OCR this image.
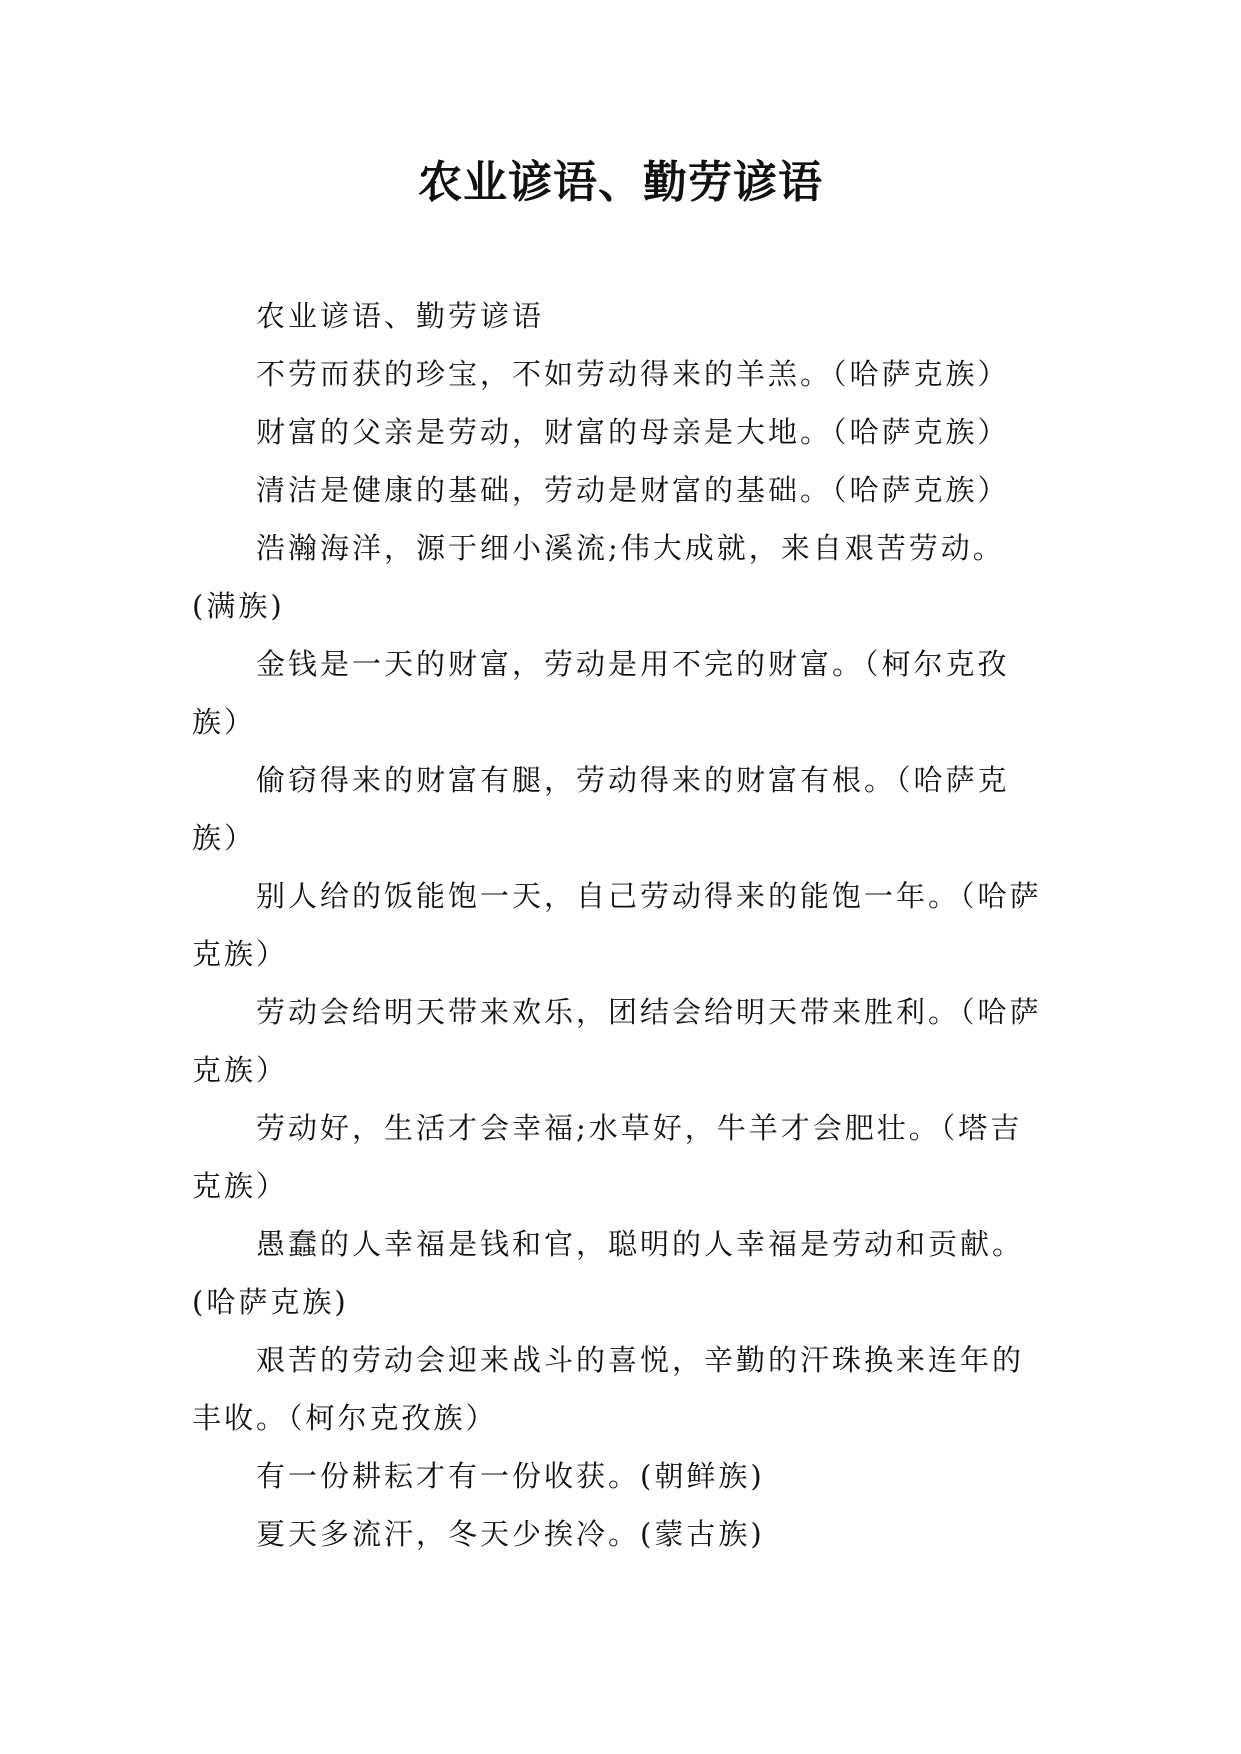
农业谚语、勤劳谚语

农业谚语、勤劳谚语

不劳而获的珍宝，不如劳动得来的羊羔。（哈萨克族）

财富的父亲是劳动，财富的母亲是大地。（哈萨克族）

清洁是健康的基础，劳动是财富的基础。（哈萨克族）

浩瀚海洋，源于细小溪流;伟大成就，来自艰苦劳动。(满族)

金钱是一天的财富，劳动是用不完的财富。（柯尔克孜族）

偷窃得来的财富有腿，劳动得来的财富有根。（哈萨克族）

别人给的饭能饱一天，自己劳动得来的能饱一年。（哈萨克族）

劳动会给明天带来欢乐，团结会给明天带来胜利。（哈萨克族）

劳动好，生活才会幸福;水草好，牛羊才会肥壮。（塔吉克族）

愚蠢的人幸福是钱和官，聪明的人幸福是劳动和贡献。(哈萨克族)

艰苦的劳动会迎来战斗的喜悦，辛勤的汗珠换来连年的丰收。（柯尔克孜族）

有一份耕耘才有一份收获。(朝鲜族)

夏天多流汗，冬天少挨冷。(蒙古族)
